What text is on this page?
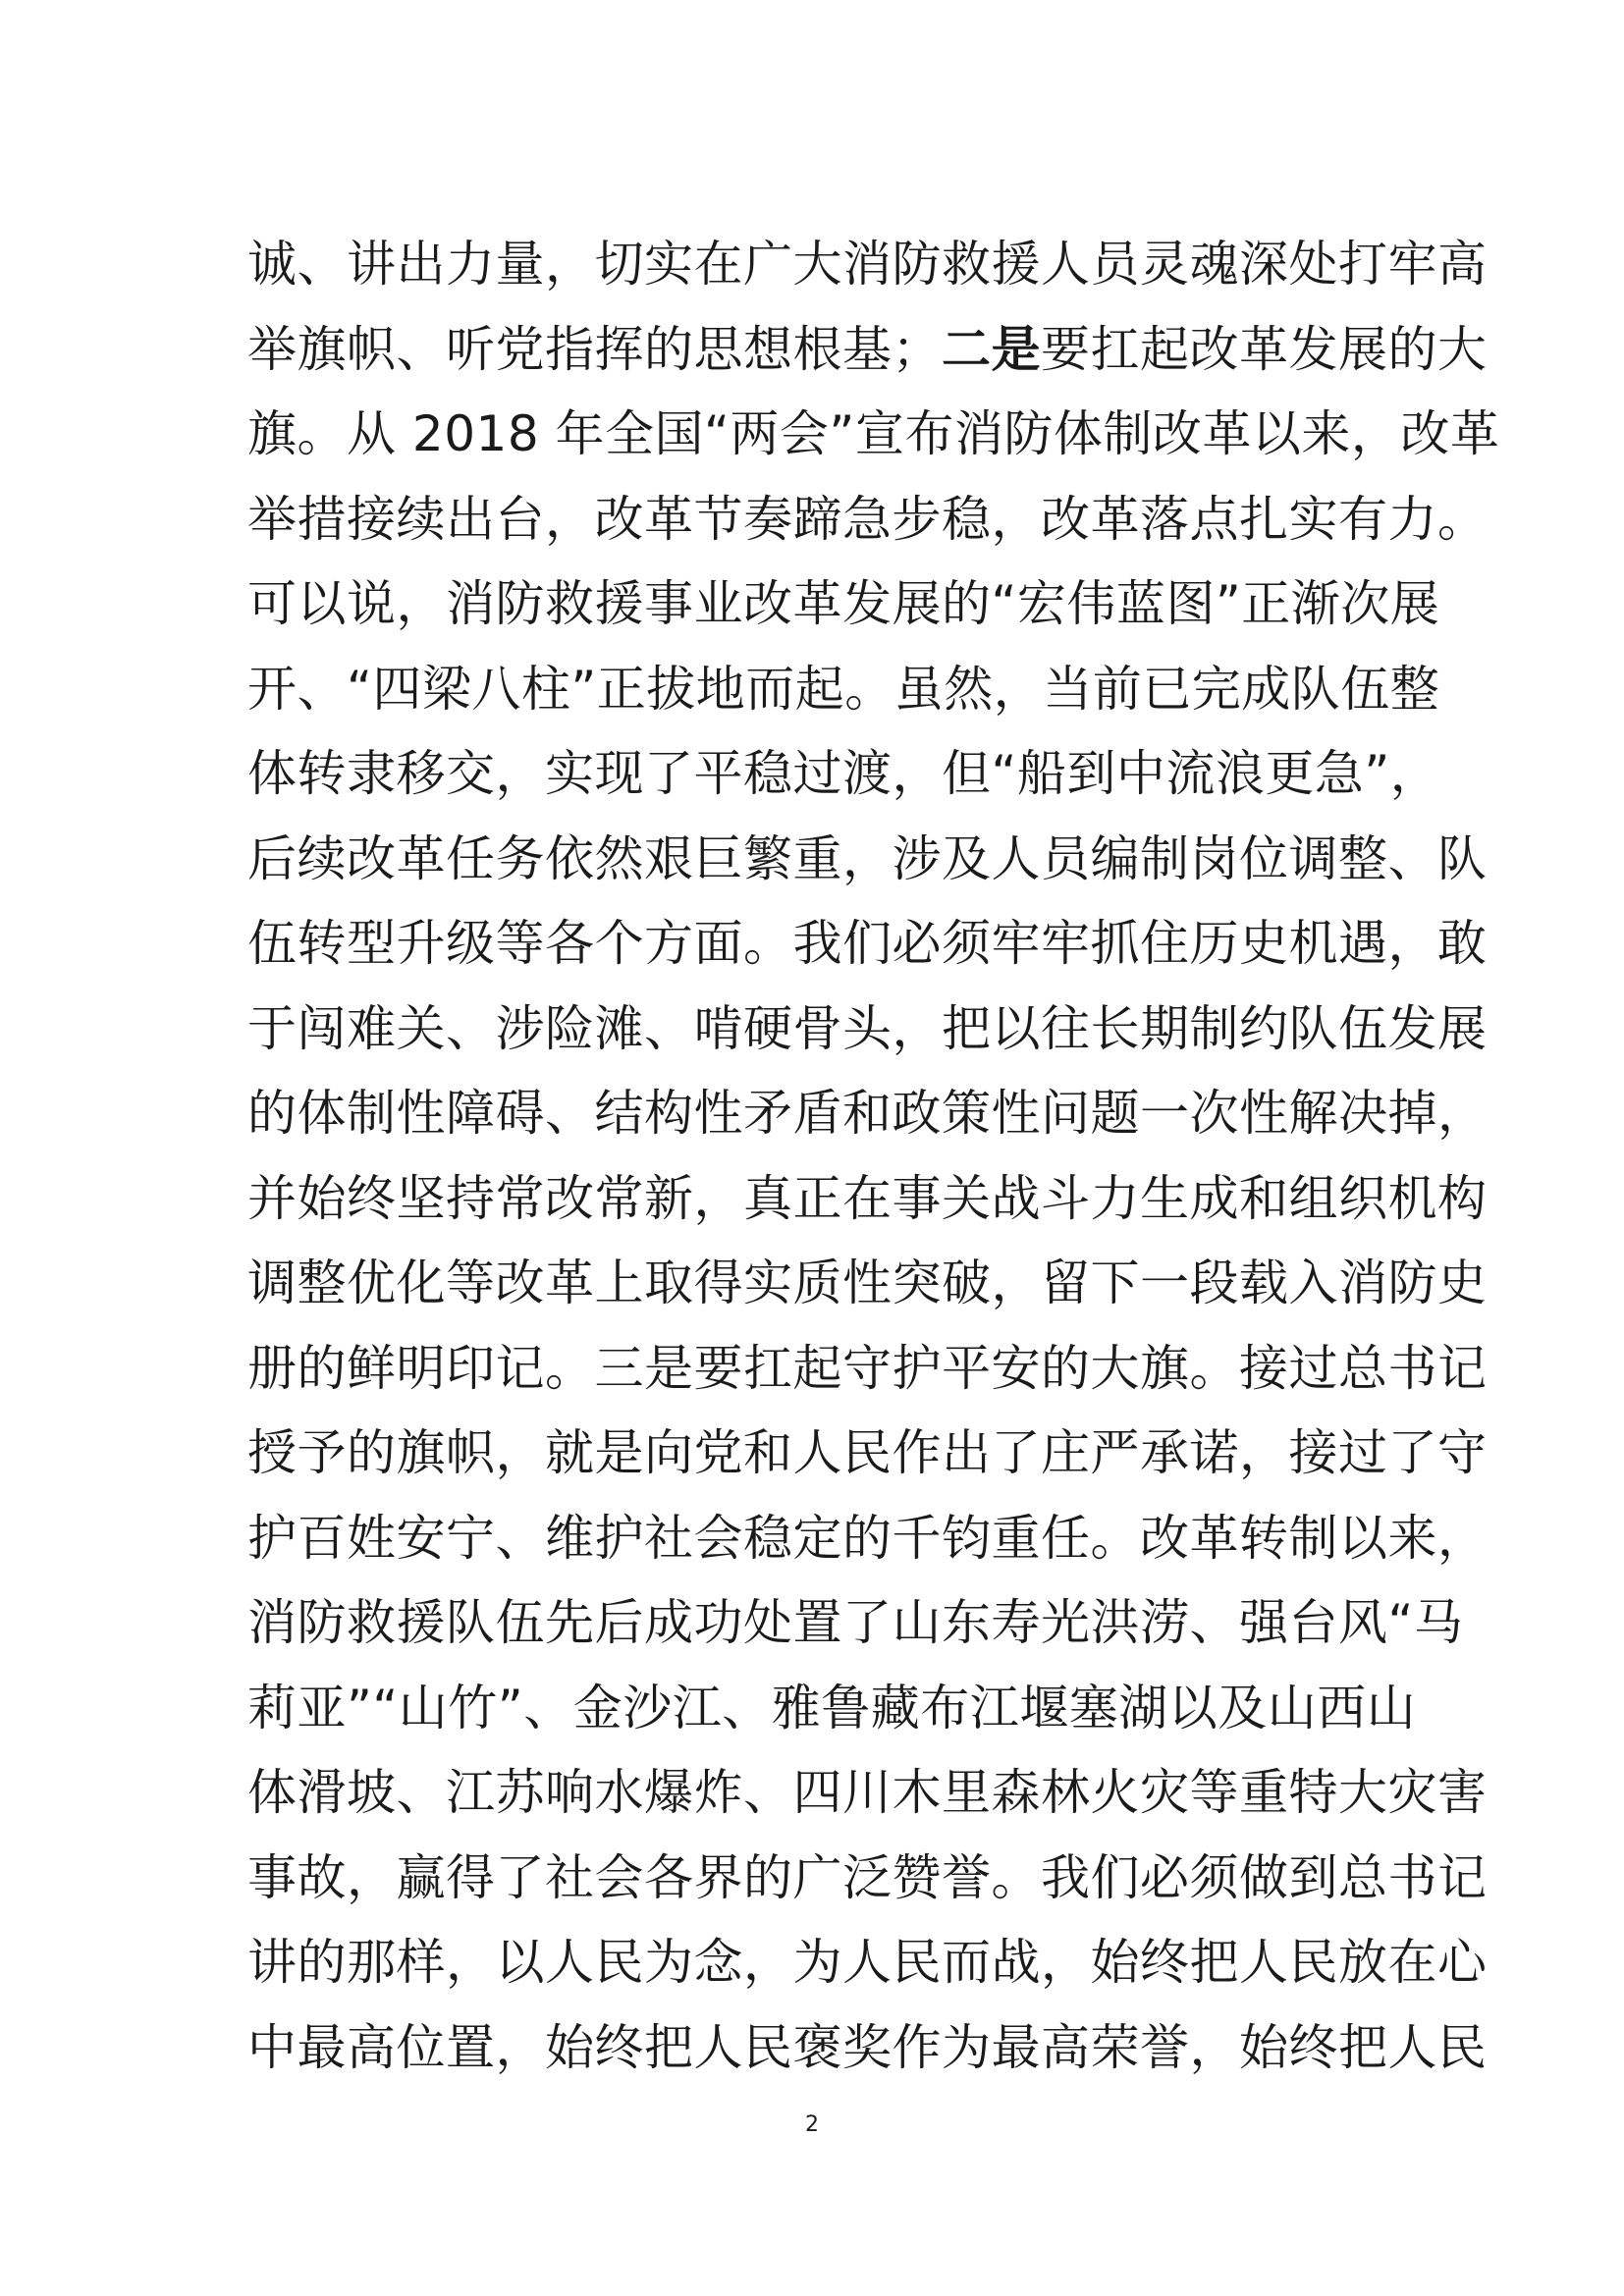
诚、讲出力量，切实在广大消防救援人员灵魂深处打牢高
举旗帜、听党指挥的思想根基；二是要扛起改革发展的大
旗。从 2018 年全国“两会”宣布消防体制改革以来，改革
举措接续出台，改革节奏蹄急步稳，改革落点扎实有力。
可以说，消防救援事业改革发展的“宏伟蓝图”正渐次展
开、“四梁八柱”正拔地而起。虽然，当前已完成队伍整
体转隶移交，实现了平稳过渡，但“船到中流浪更急”，
后续改革任务依然艰巨繁重，涉及人员编制岗位调整、队
伍转型升级等各个方面。我们必须牢牢抓住历史机遇，敢
于闯难关、涉险滩、啃硬骨头，把以往长期制约队伍发展
的体制性障碍、结构性矛盾和政策性问题一次性解决掉，
并始终坚持常改常新，真正在事关战斗力生成和组织机构
调整优化等改革上取得实质性突破，留下一段载入消防史
册的鲜明印记。三是要扛起守护平安的大旗。接过总书记
授予的旗帜，就是向党和人民作出了庄严承诺，接过了守
护百姓安宁、维护社会稳定的千钧重任。改革转制以来，
消防救援队伍先后成功处置了山东寿光洪涝、强台风“马
莉亚”“山竹”、金沙江、雅鲁藏布江堰塞湖以及山西山
体滑坡、江苏响水爆炸、四川木里森林火灾等重特大灾害
事故，赢得了社会各界的广泛赞誉。我们必须做到总书记
讲的那样，以人民为念，为人民而战，始终把人民放在心
中最高位置，始终把人民褒奖作为最高荣誉，始终把人民
2
